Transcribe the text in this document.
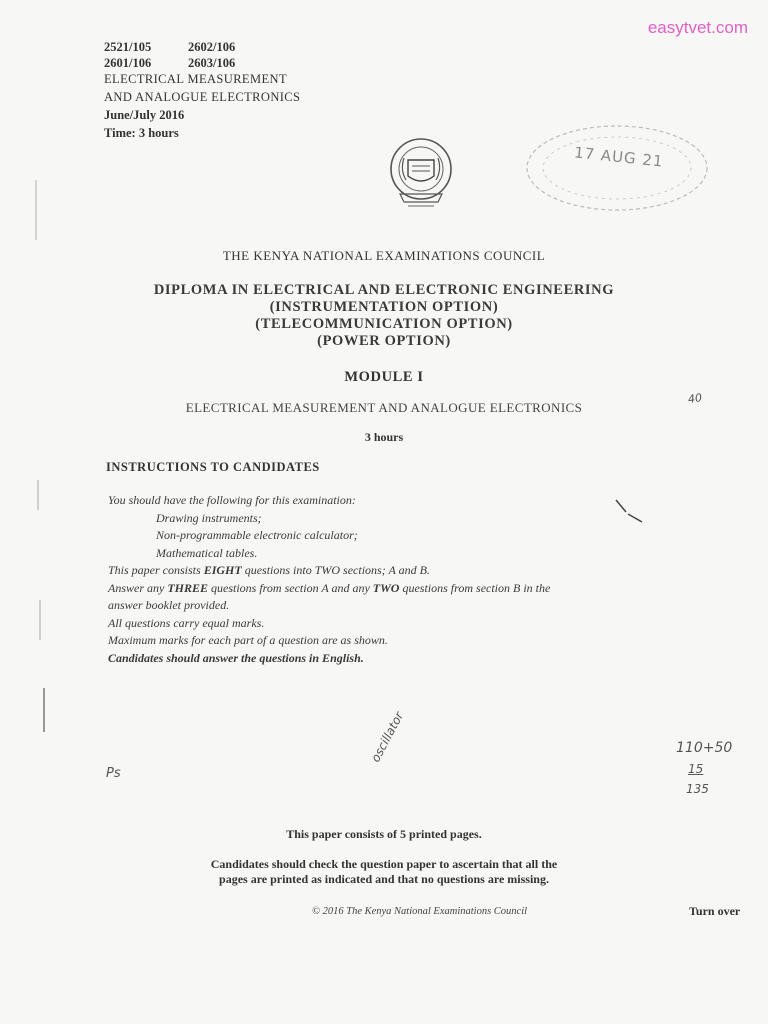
easytvet.com
2521/105	2602/106
2601/106	2603/106
ELECTRICAL MEASUREMENT
AND ANALOGUE ELECTRONICS
June/July 2016
Time: 3 hours
17 AUG 21
THE KENYA NATIONAL EXAMINATIONS COUNCIL
DIPLOMA IN ELECTRICAL AND ELECTRONIC ENGINEERING
(INSTRUMENTATION OPTION)
(TELECOMMUNICATION OPTION)
(POWER OPTION)
MODULE I
ELECTRICAL MEASUREMENT AND ANALOGUE ELECTRONICS
3 hours
INSTRUCTIONS TO CANDIDATES
You should have the following for this examination:
Drawing instruments;
Non-programmable electronic calculator;
Mathematical tables.
This paper consists EIGHT questions into TWO sections; A and B.
Answer any THREE questions from section A and any TWO questions from section B in the
answer booklet provided.
All questions carry equal marks.
Maximum marks for each part of a question are as shown.
Candidates should answer the questions in English.
40
oscillator	110+50
15
135
Ps
This paper consists of 5 printed pages.
Candidates should check the question paper to ascertain that all the
pages are printed as indicated and that no questions are missing.
© 2016 The Kenya National Examinations Council	Turn over
